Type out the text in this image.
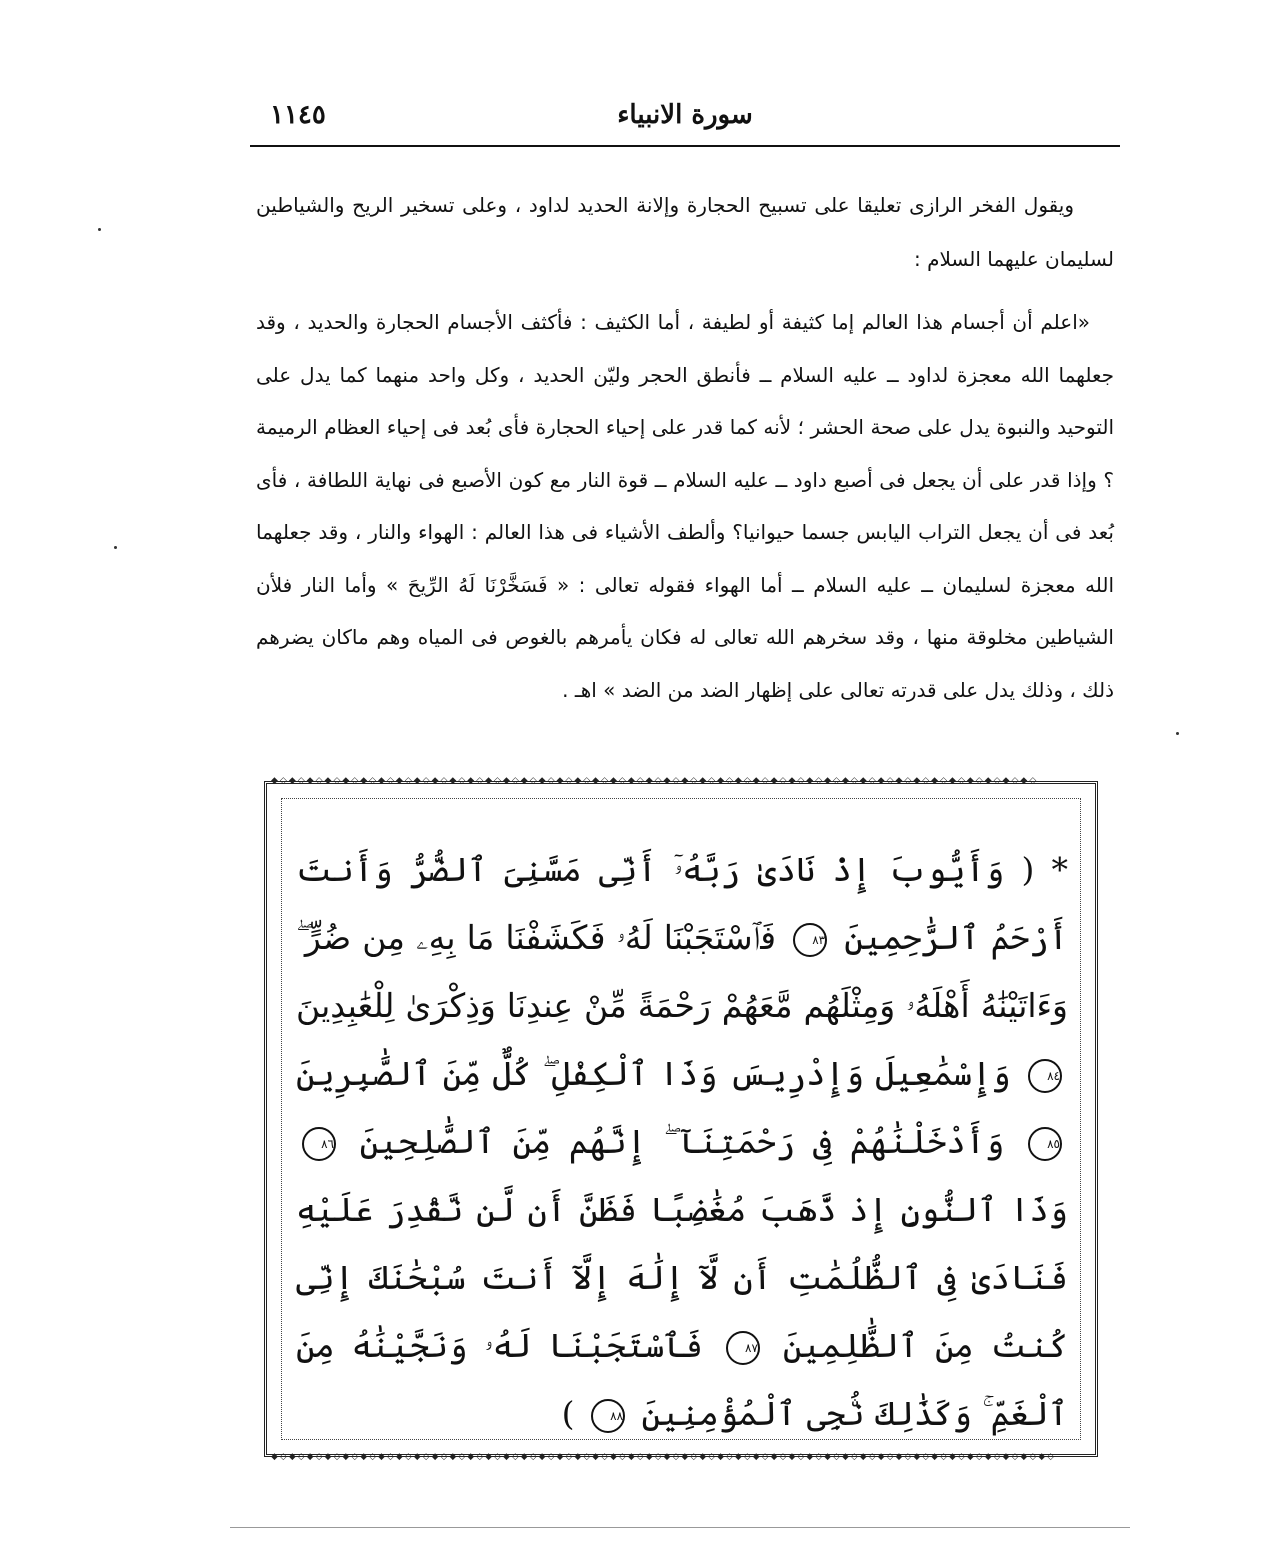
سورة الانبياء
١١٤٥

ويقول الفخر الرازى تعليقا على تسبيح الحجارة وإلانة الحديد لداود ، وعلى تسخير الريح والشياطين لسليمان عليهما السلام :

«اعلم أن أجسام هذا العالم إما كثيفة أو لطيفة ، أما الكثيف : فأكثف الأجسام الحجارة والحديد ، وقد جعلهما الله معجزة لداود ــ عليه السلام ــ فأنطق الحجر وليّن الحديد ، وكل واحد منهما كما يدل على التوحيد والنبوة يدل على صحة الحشر ؛ لأنه كما قدر على إحياء الحجارة فأى بُعد فى إحياء العظام الرميمة ؟ وإذا قدر على أن يجعل فى أصبع داود ــ عليه السلام ــ قوة النار مع كون الأصبع فى نهاية اللطافة ، فأى بُعد فى أن يجعل التراب اليابس جسما حيوانيا؟ وألطف الأشياء فى هذا العالم : الهواء والنار ، وقد جعلهما الله معجزة لسليمان ــ عليه السلام ــ أما الهواء فقوله تعالى : « فَسَخَّرْنَا لَهُ الرِّيحَ » وأما النار فلأن الشياطين مخلوقة منها ، وقد سخرهم الله تعالى له فكان يأمرهم بالغوص فى المياه وهم ماكان يضرهم ذلك ، وذلك يدل على قدرته تعالى على إظهار الضد من الضد » اهـ .

◆◇◆◇◆◇◆◇◆◇◆◇◆◇◆◇◆◇◆◇◆◇◆◇◆◇◆◇◆◇◆◇◆◇◆◇◆◇◆◇◆◇◆◇◆◇◆◇◆◇◆◇◆◇◆◇◆◇◆◇◆◇◆◇◆◇◆◇◆◇◆◇◆◇◆◇◆◇◆◇◆◇◆◇◆◇
◆◇◆◇◆◇◆◇◆◇◆◇◆◇◆◇◆◇◆◇◆◇◆◇◆◇◆◇◆◇◆◇◆◇◆◇◆◇◆◇◆◇◆◇◆◇◆◇◆◇◆◇◆◇◆◇◆◇◆◇◆◇◆◇◆◇◆◇◆◇◆◇◆◇◆◇◆◇◆◇◆◇◆◇◆◇◆◇
* ( وَأَيُّوبَ إِذْ نَادَىٰ رَبَّهُۥٓ أَنِّى مَسَّنِىَ ٱلضُّرُّ وَأَنتَ أَرْحَمُ ٱلرَّٰحِمِينَ ٨٣ فَٱسْتَجَبْنَا لَهُۥ فَكَشَفْنَا مَا بِهِۦ مِن ضُرٍّ ۖ وَءَاتَيْنَٰهُ أَهْلَهُۥ وَمِثْلَهُم مَّعَهُمْ رَحْمَةً مِّنْ عِندِنَا وَذِكْرَىٰ لِلْعَٰبِدِينَ ٨٤ وَإِسْمَٰعِيلَ وَإِدْرِيسَ وَذَا ٱلْكِفْلِ ۖ كُلٌّ مِّنَ ٱلصَّٰبِرِينَ ٨٥ وَأَدْخَلْنَٰهُمْ فِى رَحْمَتِنَآ ۖ إِنَّهُم مِّنَ ٱلصَّٰلِحِينَ ٨٦ وَذَا ٱلنُّونِ إِذ ذَّهَبَ مُغَٰضِبًا فَظَنَّ أَن لَّن نَّقْدِرَ عَلَيْهِ فَنَادَىٰ فِى ٱلظُّلُمَٰتِ أَن لَّآ إِلَٰهَ إِلَّآ أَنتَ سُبْحَٰنَكَ إِنِّى كُنتُ مِنَ ٱلظَّٰلِمِينَ ٨٧ فَٱسْتَجَبْنَا لَهُۥ وَنَجَّيْنَٰهُ مِنَ ٱلْغَمِّ ۚ وَكَذَٰلِكَ نُۨجِى ٱلْمُؤْمِنِينَ ٨٨ )
